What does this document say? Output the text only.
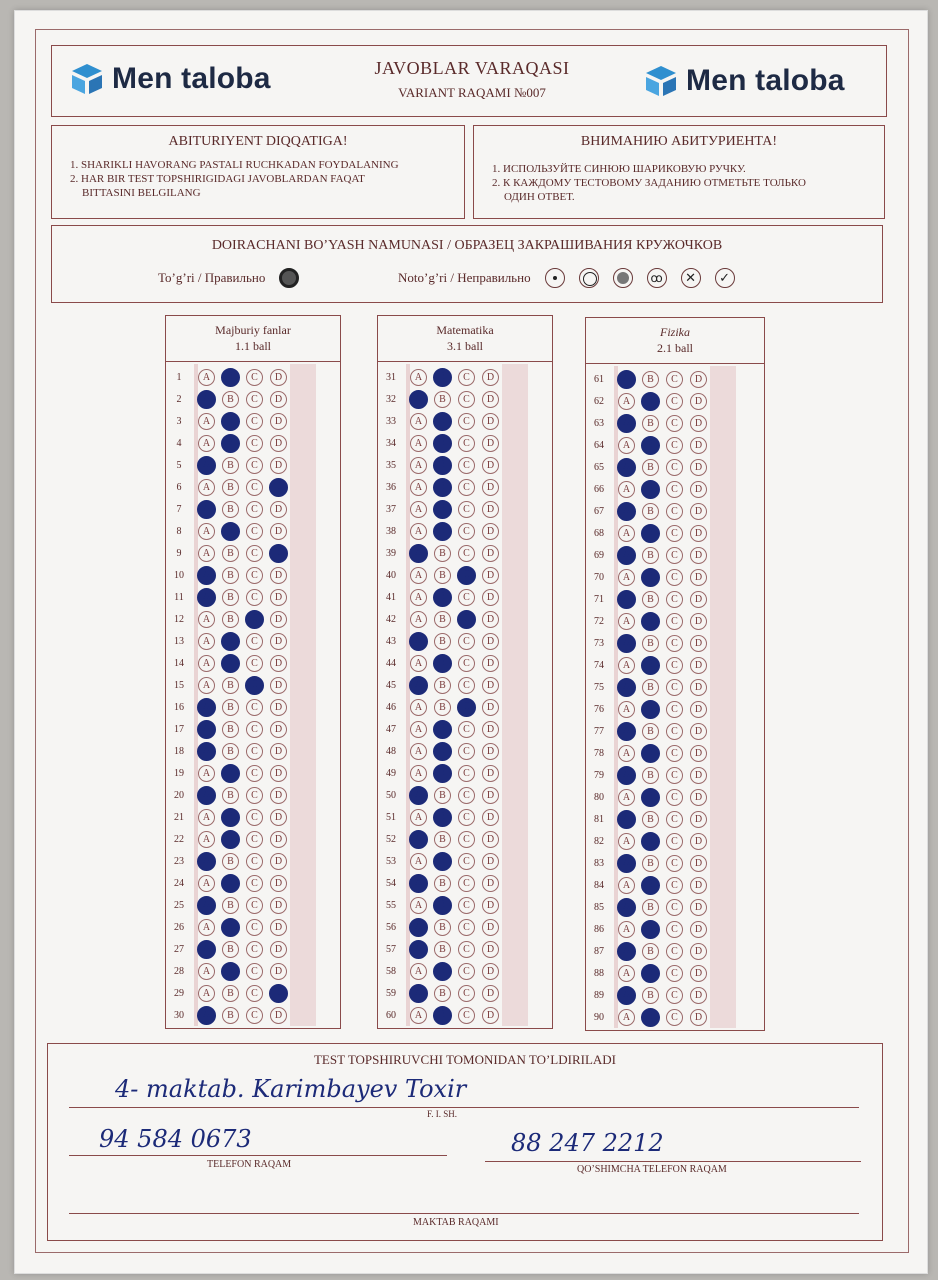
Men taloba	JAVOBLAR VARAQASI
VARIANT RAQAMI №007	Men taloba
ABITURIYENT DIQQATIGA!
1. SHARIKLI HAVORANG PASTALI RUCHKADAN FOYDALANING
2. HAR BIR TEST TOPSHIRIGIDAGI JAVOBLARDAN FAQAT
BITTASINI BELGILANG
ВНИМАНИЮ АБИТУРИЕНТА!
1. ИСПОЛЬЗУЙТЕ СИНЮЮ ШАРИКОВУЮ РУЧКУ.
2. К КАЖДОМУ ТЕСТОВОМУ ЗАДАНИЮ ОТМЕТЬТЕ ТОЛЬКО
ОДИН ОТВЕТ.
DOIRACHANI BO’YASH NAMUNASI / ОБРАЗЕЦ ЗАКРАШИВАНИЯ КРУЖОЧКОВ
To’g’ri / Правильно	Noto’g’ri / Неправильно	ꝏ	✕	✓
Majburiy fanlar
1.1 ball
1	A	B	C	D
2	A	B	C	D
3	A	B	C	D
4	A	B	C	D
5	A	B	C	D
6	A	B	C	D
7	A	B	C	D
8	A	B	C	D
9	A	B	C	D
10	A	B	C	D
11	A	B	C	D
12	A	B	C	D
13	A	B	C	D
14	A	B	C	D
15	A	B	C	D
16	A	B	C	D
17	A	B	C	D
18	A	B	C	D
19	A	B	C	D
20	A	B	C	D
21	A	B	C	D
22	A	B	C	D
23	A	B	C	D
24	A	B	C	D
25	A	B	C	D
26	A	B	C	D
27	A	B	C	D
28	A	B	C	D
29	A	B	C	D
30	A	B	C	D
Matematika
3.1 ball
31	A	B	C	D
32	A	B	C	D
33	A	B	C	D
34	A	B	C	D
35	A	B	C	D
36	A	B	C	D
37	A	B	C	D
38	A	B	C	D
39	A	B	C	D
40	A	B	C	D
41	A	B	C	D
42	A	B	C	D
43	A	B	C	D
44	A	B	C	D
45	A	B	C	D
46	A	B	C	D
47	A	B	C	D
48	A	B	C	D
49	A	B	C	D
50	A	B	C	D
51	A	B	C	D
52	A	B	C	D
53	A	B	C	D
54	A	B	C	D
55	A	B	C	D
56	A	B	C	D
57	A	B	C	D
58	A	B	C	D
59	A	B	C	D
60	A	B	C	D
Fizika
2.1 ball
61	A	B	C	D
62	A	B	C	D
63	A	B	C	D
64	A	B	C	D
65	A	B	C	D
66	A	B	C	D
67	A	B	C	D
68	A	B	C	D
69	A	B	C	D
70	A	B	C	D
71	A	B	C	D
72	A	B	C	D
73	A	B	C	D
74	A	B	C	D
75	A	B	C	D
76	A	B	C	D
77	A	B	C	D
78	A	B	C	D
79	A	B	C	D
80	A	B	C	D
81	A	B	C	D
82	A	B	C	D
83	A	B	C	D
84	A	B	C	D
85	A	B	C	D
86	A	B	C	D
87	A	B	C	D
88	A	B	C	D
89	A	B	C	D
90	A	B	C	D
TEST TOPSHIRUVCHI TOMONIDAN TO’LDIRILADI
4- maktab. Karimbayev Toxir
F. I. SH.
94 584 0673
TELEFON RAQAM
88 247 2212
QO’SHIMCHA TELEFON RAQAM
MAKTAB RAQAMI
